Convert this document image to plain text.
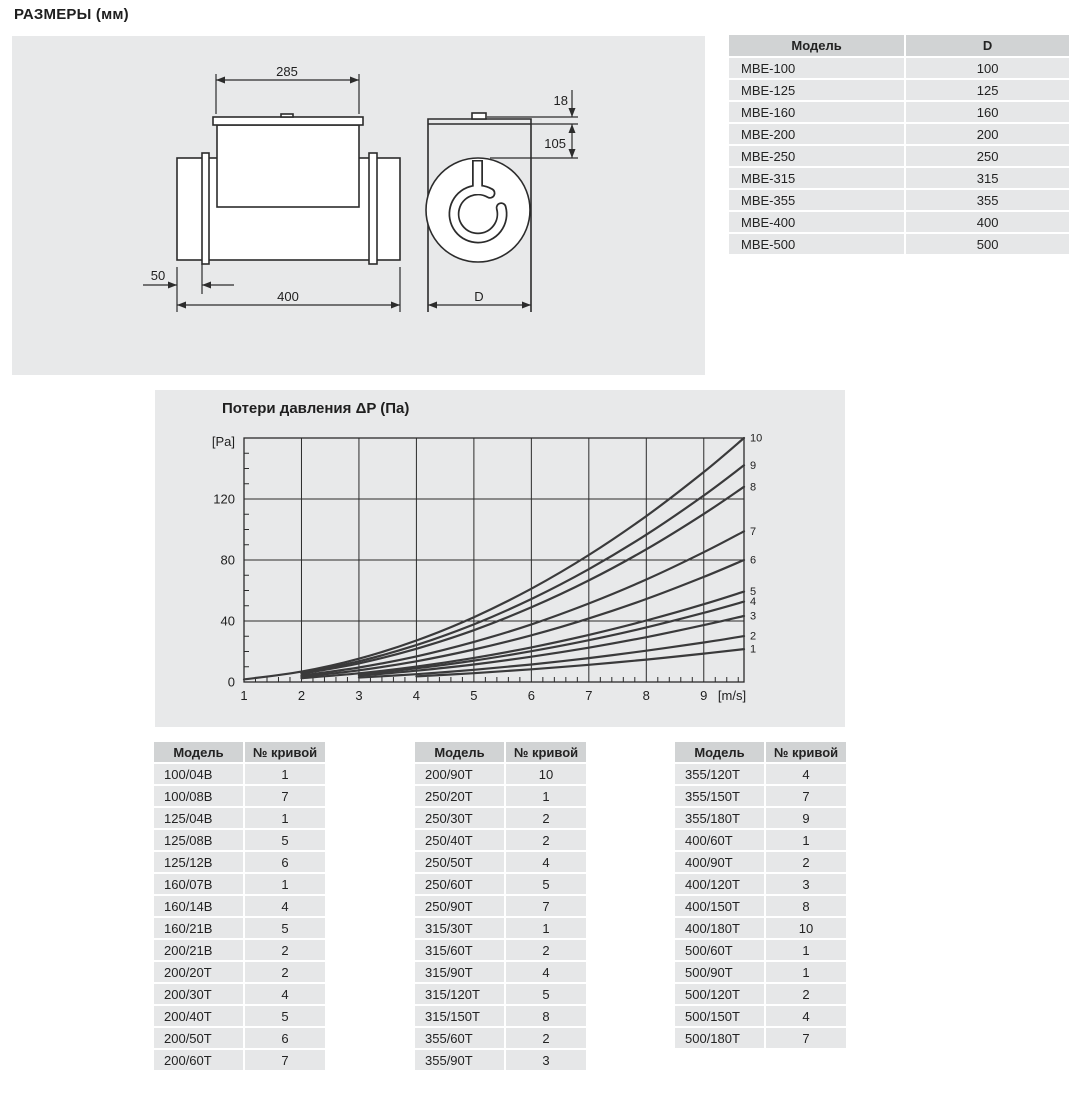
РАЗМЕРЫ (мм)
285
400
50
18
105
D
Модель	D
MBE-100	100
MBE-125	125
MBE-160	160
MBE-200	200
MBE-250	250
MBE-315	315
MBE-355	355
MBE-400	400
MBE-500	500
Потери давления ΔP (Па)
1	2	3	4	5	6	7	8	9
0
40
80
120
[Pa]
[m/s]
10
9
8
7
6
5
4
3
2
1
Модель	№ кривой
100/04B	1
100/08B	7
125/04B	1
125/08B	5
125/12B	6
160/07B	1
160/14B	4
160/21B	5
200/21B	2
200/20T	2
200/30T	4
200/40T	5
200/50T	6
200/60T	7
Модель	№ кривой
200/90T	10
250/20T	1
250/30T	2
250/40T	2
250/50T	4
250/60T	5
250/90T	7
315/30T	1
315/60T	2
315/90T	4
315/120T	5
315/150T	8
355/60T	2
355/90T	3
Модель	№ кривой
355/120T	4
355/150T	7
355/180T	9
400/60T	1
400/90T	2
400/120T	3
400/150T	8
400/180T	10
500/60T	1
500/90T	1
500/120T	2
500/150T	4
500/180T	7
